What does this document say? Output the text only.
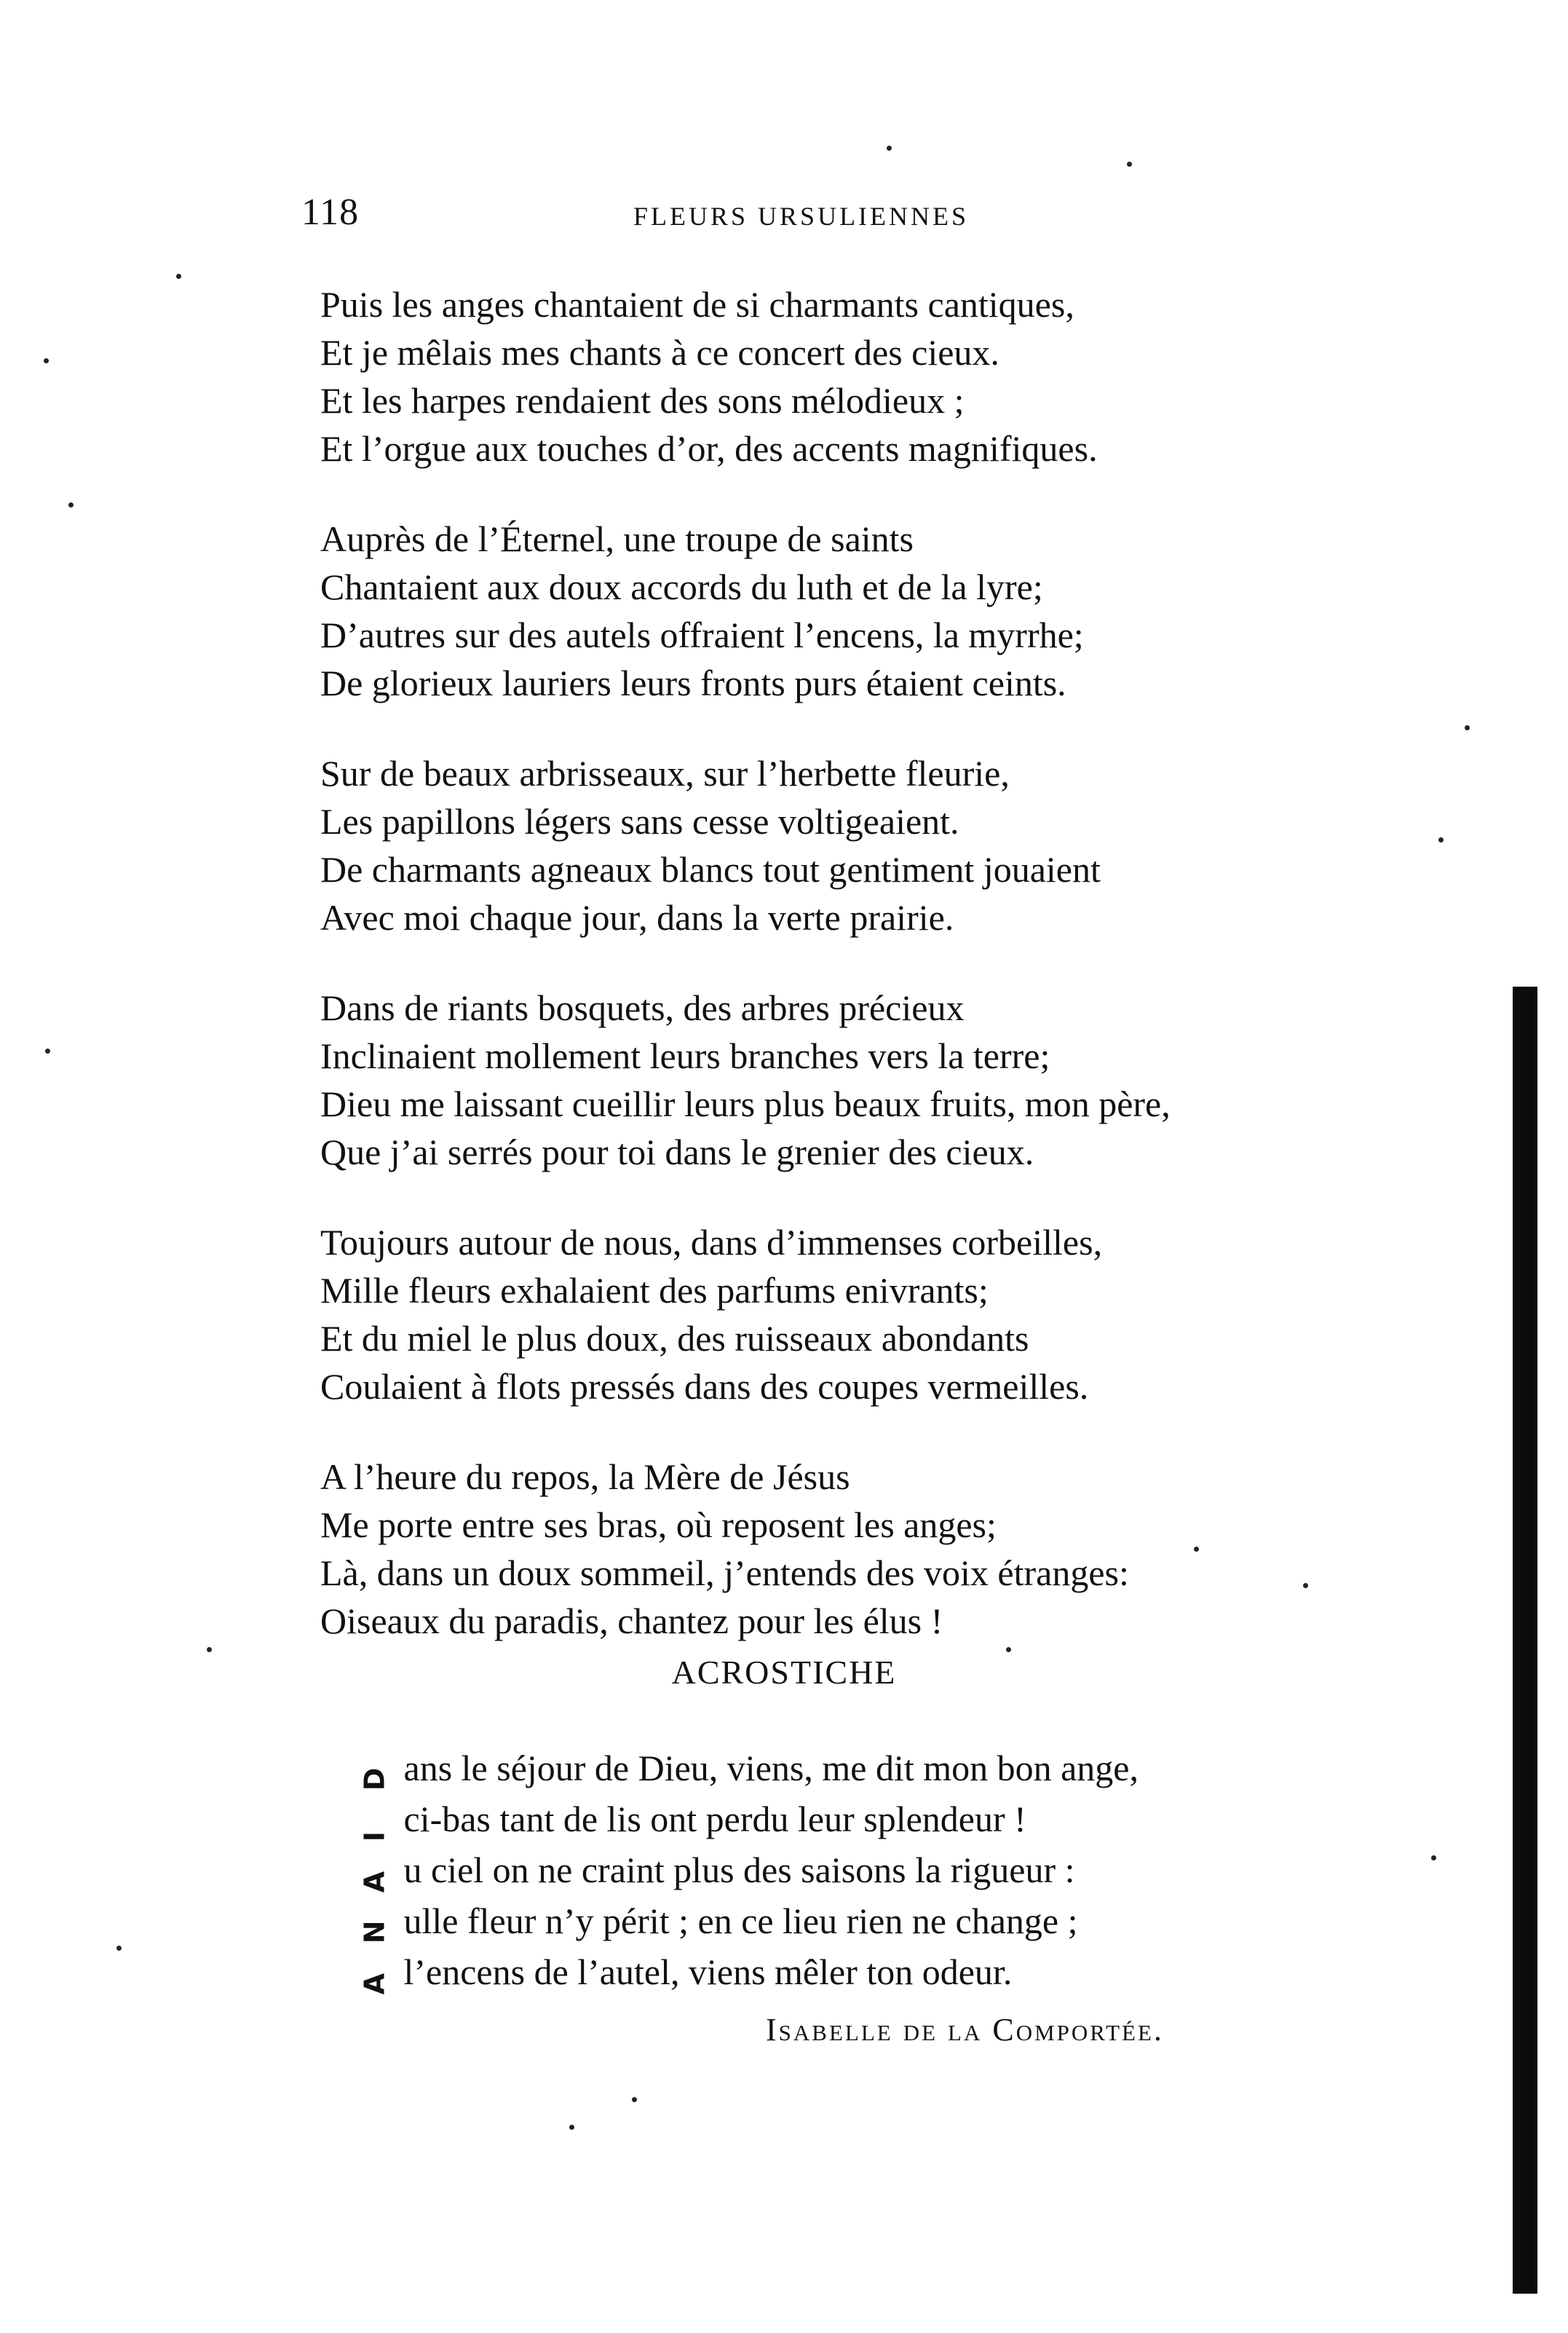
118	FLEURS URSULIENNES
Puis les anges chantaient de si charmants cantiques,
Et je mêlais mes chants à ce concert des cieux.
Et les harpes rendaient des sons mélodieux ;
Et l’orgue aux touches d’or, des accents magnifiques.
Auprès de l’Éternel, une troupe de saints
Chantaient aux doux accords du luth et de la lyre;
D’autres sur des autels offraient l’encens, la myrrhe;
De glorieux lauriers leurs fronts purs étaient ceints.
Sur de beaux arbrisseaux, sur l’herbette fleurie,
Les papillons légers sans cesse voltigeaient.
De charmants agneaux blancs tout gentiment jouaient
Avec moi chaque jour, dans la verte prairie.
Dans de riants bosquets, des arbres précieux
Inclinaient mollement leurs branches vers la terre;
Dieu me laissant cueillir leurs plus beaux fruits, mon père,
Que j’ai serrés pour toi dans le grenier des cieux.
Toujours autour de nous, dans d’immenses corbeilles,
Mille fleurs exhalaient des parfums enivrants;
Et du miel le plus doux, des ruisseaux abondants
Coulaient à flots pressés dans des coupes vermeilles.
A l’heure du repos, la Mère de Jésus
Me porte entre ses bras, où reposent les anges;
Là, dans un doux sommeil, j’entends des voix étranges:
Oiseaux du paradis, chantez pour les élus !
ACROSTICHE
D ans le séjour de Dieu, viens, me dit mon bon ange,
I ci-bas tant de lis ont perdu leur splendeur !
A u ciel on ne craint plus des saisons la rigueur :
N ulle fleur n’y périt ; en ce lieu rien ne change ;
A l’encens de l’autel, viens mêler ton odeur.
Isabelle de la Comportée.
